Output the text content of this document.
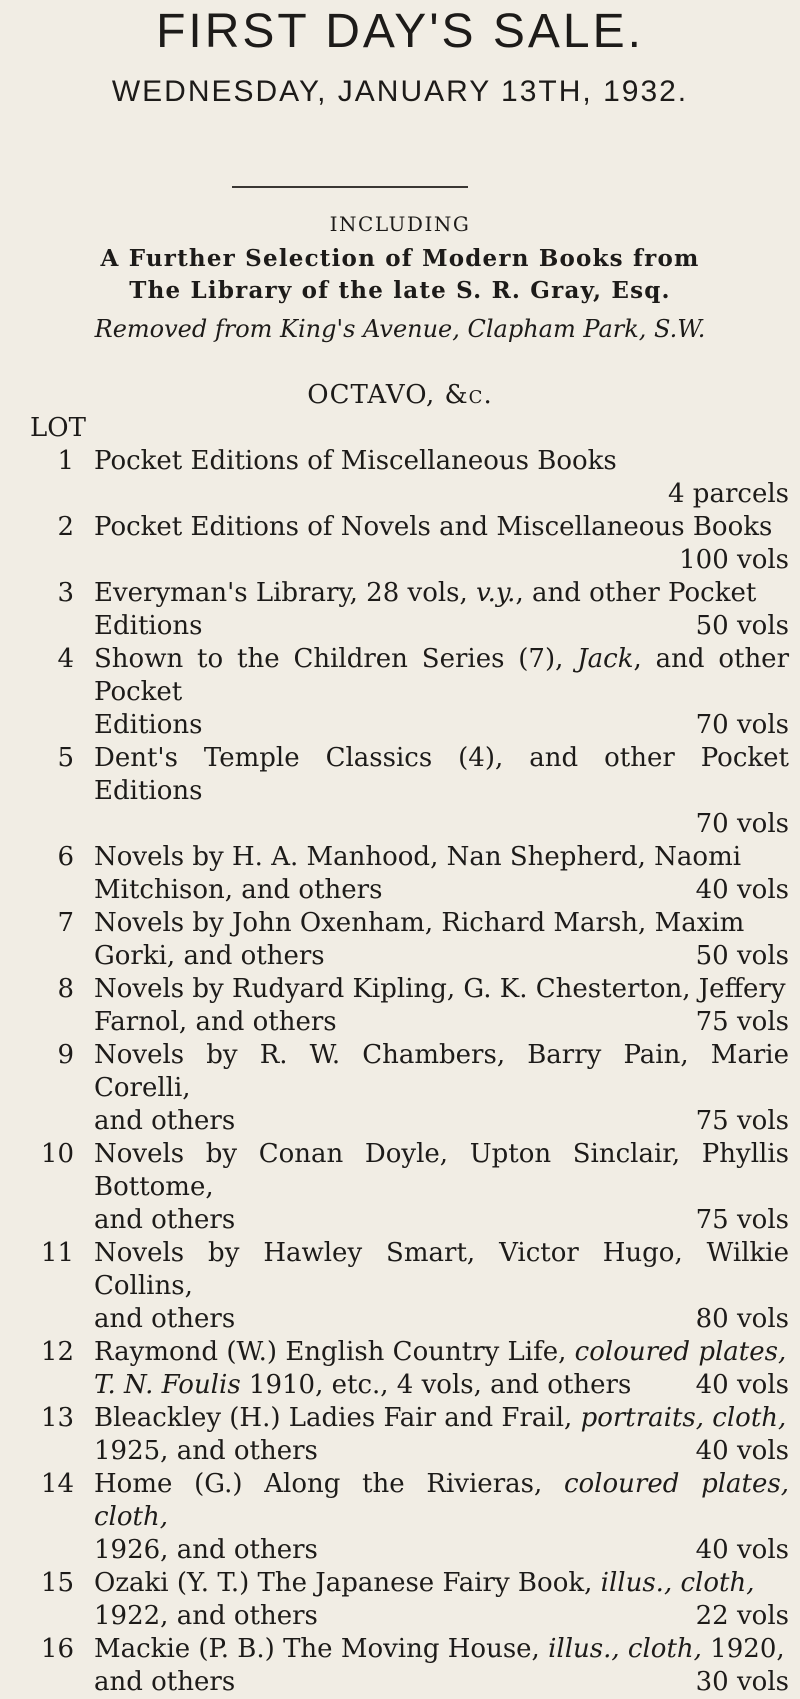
FIRST DAY'S SALE.
WEDNESDAY, JANUARY 13TH, 1932.
INCLUDING
A Further Selection of Modern Books from
The Library of the late S. R. Gray, Esq.
Removed from King's Avenue, Clapham Park, S.W.
OCTAVO, &c.
LOT
1 Pocket Editions of Miscellaneous Books
4 parcels
2 Pocket Editions of Novels and Miscellaneous Books
100 vols
3 Everyman's Library, 28 vols, v.y., and other Pocket
Editions	50 vols
4 Shown to the Children Series (7), Jack, and other Pocket
Editions	70 vols
5 Dent's Temple Classics (4), and other Pocket Editions
70 vols
6 Novels by H. A. Manhood, Nan Shepherd, Naomi
Mitchison, and others	40 vols
7 Novels by John Oxenham, Richard Marsh, Maxim
Gorki, and others	50 vols
8 Novels by Rudyard Kipling, G. K. Chesterton, Jeffery
Farnol, and others	75 vols
9 Novels by R. W. Chambers, Barry Pain, Marie Corelli,
and others	75 vols
10 Novels by Conan Doyle, Upton Sinclair, Phyllis Bottome,
and others	75 vols
11 Novels by Hawley Smart, Victor Hugo, Wilkie Collins,
and others	80 vols
12 Raymond (W.) English Country Life, coloured plates,
T. N. Foulis 1910, etc., 4 vols, and others 40 vols
13 Bleackley (H.) Ladies Fair and Frail, portraits, cloth,
1925, and others	40 vols
14 Home (G.) Along the Rivieras, coloured plates, cloth,
1926, and others	40 vols
15 Ozaki (Y. T.) The Japanese Fairy Book, illus., cloth,
1922, and others	22 vols
16 Mackie (P. B.) The Moving House, illus., cloth, 1920,
and others	30 vols
